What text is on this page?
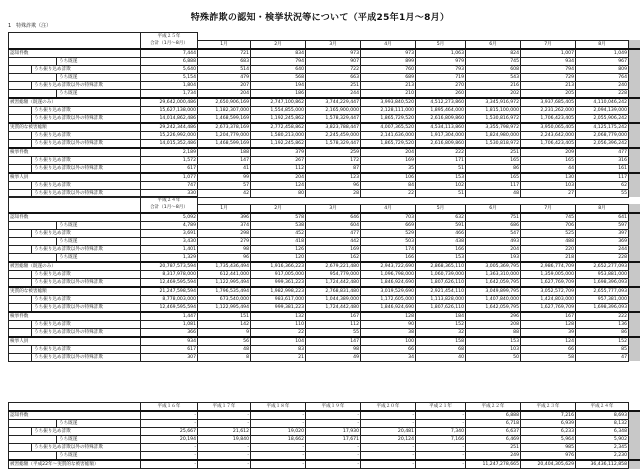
特殊詐欺の認知・検挙状況等について（平成25年1月～8月）
1　特殊詐欺（注）
	平成２５年									
	合計（1月～8月）	1月	2月	3月	4月	5月	6月	7月	8月	

認知件数	7,444	721	834	973	973	1,063	824	1,007	1,049	

うち既遂	6,888	683	794	907	899	979	745	934	967	

うち振り込め詐欺	5,640	514	640	722	760	793	608	794	809	

うち既遂	5,154	479	568	663	689	719	543	729	764	

うち振り込め詐欺以外の特殊詐欺	1,804	207	194	251	213	270	216	213	240	

うち既遂	1,734	204	186	244	210	260	202	205	228	

被害総額（既遂のみ）	29,642,000,486	2,650,906,169	2,747,100,862	3,744,229,447	3,993,840,520	4,512,273,860	3,345,916,972	3,937,685,405	4,110,046,242	

うち振り込め詐欺	15,627,138,000	1,182,307,000	1,554,855,000	2,165,900,000	2,128,111,000	1,895,464,000	1,815,100,000	2,231,262,000	2,094,139,000	

うち振り込め詐欺以外の特殊詐欺	14,014,862,486	1,468,599,169	1,192,245,862	1,578,329,447	1,865,729,520	2,616,809,860	1,530,816,972	1,706,423,405	2,055,906,242	

実質的な被害総額	29,242,344,486	2,673,378,169	2,772,458,862	3,823,788,447	4,007,365,520	4,534,113,860	3,355,798,972	3,950,065,405	4,125,175,242	

うち振り込め詐欺	15,226,992,000	1,204,779,000	1,580,213,000	2,245,459,000	2,141,636,000	1,917,304,000	1,824,980,000	2,243,642,000	2,068,779,000	

うち振り込め詐欺以外の特殊詐欺	14,015,352,486	1,468,599,169	1,192,245,862	1,578,329,447	1,865,729,520	2,616,809,860	1,530,818,972	1,706,423,405	2,056,396,242	

検挙件数	2,189	188	379	259	204	222	251	209	477	

うち振り込め詐欺	1,572	147	267	172	169	171	165	165	316	

うち振り込め詐欺以外の特殊詐欺	617	41	112	87	35	51	86	44	161	

検挙人員	1,077	99	204	123	106	153	165	130	117	

うち振り込め詐欺	747	57	124	96	84	102	117	103	62	

うち振り込め詐欺以外の特殊詐欺	330	42	80	28	22	51	48	27	55	
	平成２４年									
	合計（1月～8月）	1月	2月	3月	4月	5月	6月	7月	8月	

認知件数	5,092	396	578	646	703	632	751	745	641	

うち既遂	4,789	374	538	604	669	591	686	706	597	

うち振り込め詐欺	3,691	298	452	477	529	466	547	525	397	

うち既遂	3,430	279	418	442	503	438	493	488	369	

うち振り込め詐欺以外の特殊詐欺	1,401	98	126	169	174	166	204	220	244	

うち既遂	1,329	96	120	162	166	153	193	218	228	

被害総額（既遂のみ）	20,787,573,594	1,735,436,494	1,916,366,223	2,679,221,480	2,943,722,690	2,868,365,110	3,005,369,795	2,986,774,709	2,652,277,093	

うち振り込め詐欺	8,317,978,000	612,441,000	917,005,000	954,779,000	1,096,798,000	1,060,739,000	1,363,310,000	1,359,005,000	953,881,000	

うち振り込め詐欺以外の特殊詐欺	12,469,595,594	1,122,995,494	999,361,223	1,724,442,480	1,846,924,690	1,807,626,110	1,642,059,795	1,627,769,709	1,698,396,093	

実質的な被害総額	21,247,598,594	1,796,535,494	1,982,998,223	2,768,831,480	3,019,529,690	2,921,454,110	3,049,899,795	3,052,572,709	2,655,777,093	

うち振り込め詐欺	8,778,003,000	673,540,000	983,617,000	1,044,389,000	1,172,605,000	1,113,828,000	1,407,840,000	1,424,803,000	957,381,000	

うち振り込め詐欺以外の特殊詐欺	12,469,595,594	1,122,995,494	999,381,223	1,724,442,480	1,846,924,690	1,807,626,110	1,642,059,795	1,627,769,709	1,698,396,093	

検挙件数	1,447	151	132	167	128	184	296	167	222	

うち振り込め詐欺	1,081	142	110	112	90	152	208	128	136	

うち振り込め詐欺以外の特殊詐欺	366	9	22	55	38	32	88	39	86	

検挙人員	934	56	104	147	100	158	153	124	152	

うち振り込め詐欺	617	48	83	98	66	68	103	66	85	

うち振り込め詐欺以外の特殊詐欺	307	8	21	49	34	40	50	58	47	
	平成１６年	平成１７年	平成１８年	平成１９年	平成２０年	平成２１年	平成２２年	平成２３年	平成２４年	

認知件数	-	-	-	-	-	-	6,888	7,216	8,693	

うち既遂	-	-	-	-	-	-	6,718	6,939	8,132	

うち振り込め詐欺	25,667	21,612	19,020	17,930	20,481	7,340	6,637	6,233	6,348	

うち既遂	20,194	19,840	18,662	17,671	20,124	7,166	6,469	5,964	5,902	

うち振り込め詐欺以外の特殊詐欺	-	-	-	-	-	-	251	985	2,345	

うち既遂	-	-	-	-	-	-	249	976	2,230	

被害総額（平成22年～実質的な被害総額）	-	-	-	-	-	-	11,247,278,665	20,404,305,629	36,436,112,858	
